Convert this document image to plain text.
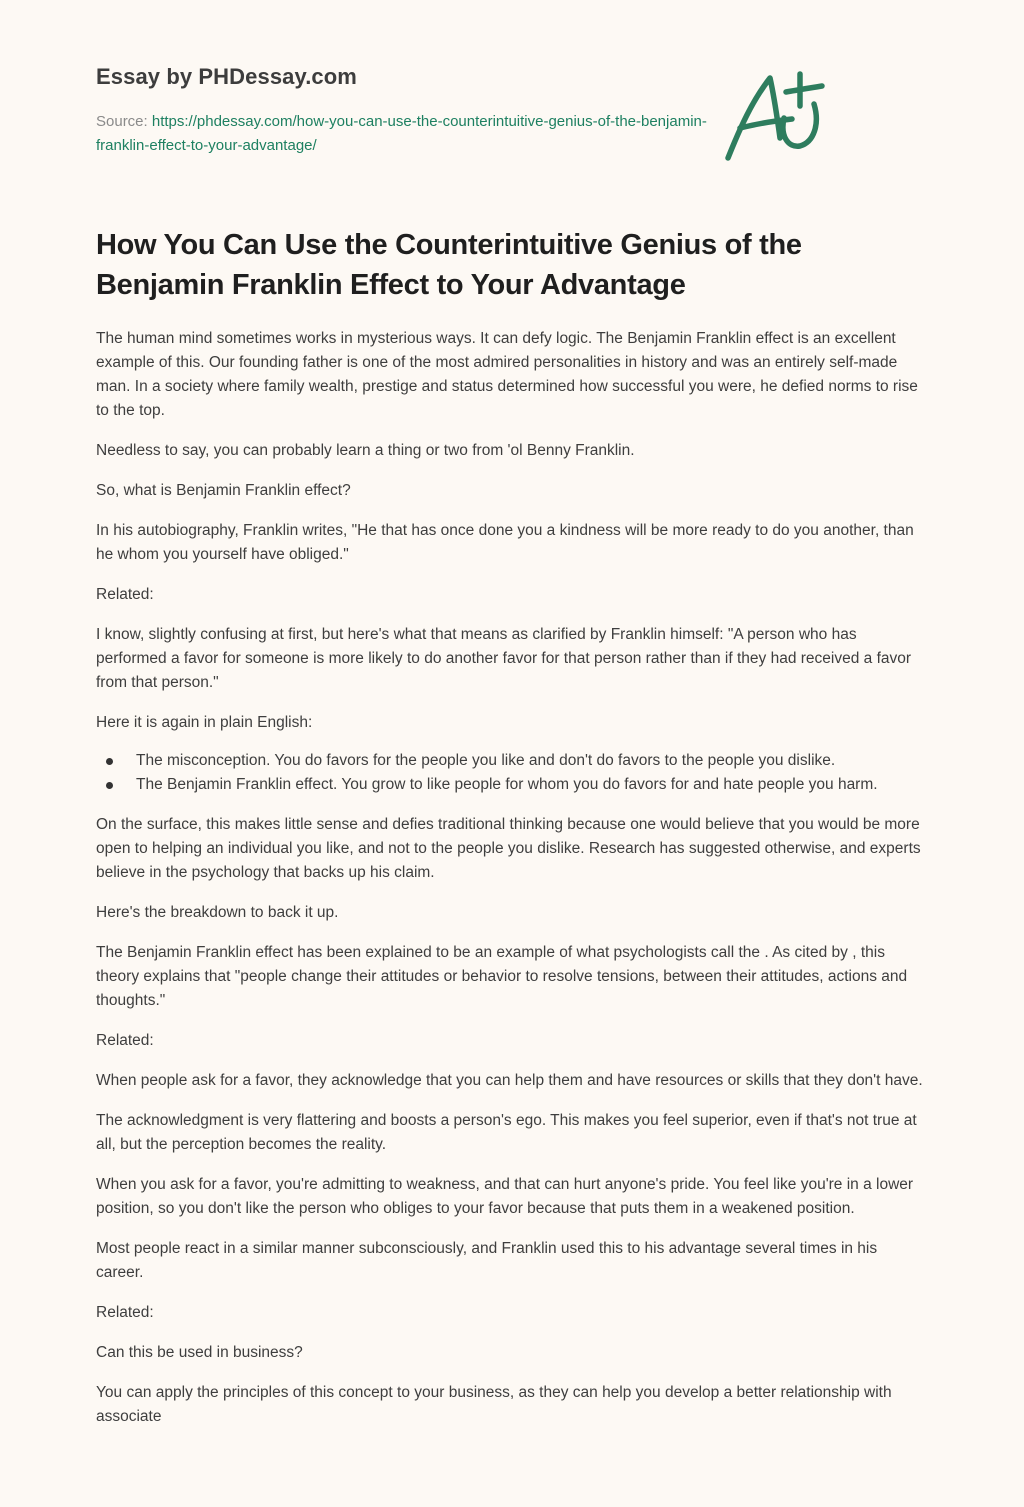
Essay by PHDessay.com
Source: https://phdessay.com/how-you-can-use-the-counterintuitive-genius-of-the-benjamin-franklin-effect-to-your-advantage/
How You Can Use the Counterintuitive Genius of the Benjamin Franklin Effect to Your Advantage

The human mind sometimes works in mysterious ways. It can defy logic. The Benjamin Franklin effect is an excellent example of this. Our founding father is one of the most admired personalities in history and was an entirely self-made man. In a society where family wealth, prestige and status determined how successful you were, he defied norms to rise to the top.

Needless to say, you can probably learn a thing or two from 'ol Benny Franklin.

So, what is Benjamin Franklin effect?

In his autobiography, Franklin writes, "He that has once done you a kindness will be more ready to do you another, than he whom you yourself have obliged."

Related:

I know, slightly confusing at first, but here's what that means as clarified by Franklin himself: "A person who has performed a favor for someone is more likely to do another favor for that person rather than if they had received a favor from that person."

Here it is again in plain English:

The misconception. You do favors for the people you like and don't do favors to the people you dislike.
The Benjamin Franklin effect. You grow to like people for whom you do favors for and hate people you harm.

On the surface, this makes little sense and defies traditional thinking because one would believe that you would be more open to helping an individual you like, and not to the people you dislike. Research has suggested otherwise, and experts believe in the psychology that backs up his claim.

Here's the breakdown to back it up.

The Benjamin Franklin effect has been explained to be an example of what psychologists call the . As cited by , this theory explains that "people change their attitudes or behavior to resolve tensions, between their attitudes, actions and thoughts."

Related:

When people ask for a favor, they acknowledge that you can help them and have resources or skills that they don't have.

The acknowledgment is very flattering and boosts a person's ego. This makes you feel superior, even if that's not true at all, but the perception becomes the reality.

When you ask for a favor, you're admitting to weakness, and that can hurt anyone's pride. You feel like you're in a lower position, so you don't like the person who obliges to your favor because that puts them in a weakened position.

Most people react in a similar manner subconsciously, and Franklin used this to his advantage several times in his career.

Related:

Can this be used in business?

You can apply the principles of this concept to your business, as they can help you develop a better relationship with associate
